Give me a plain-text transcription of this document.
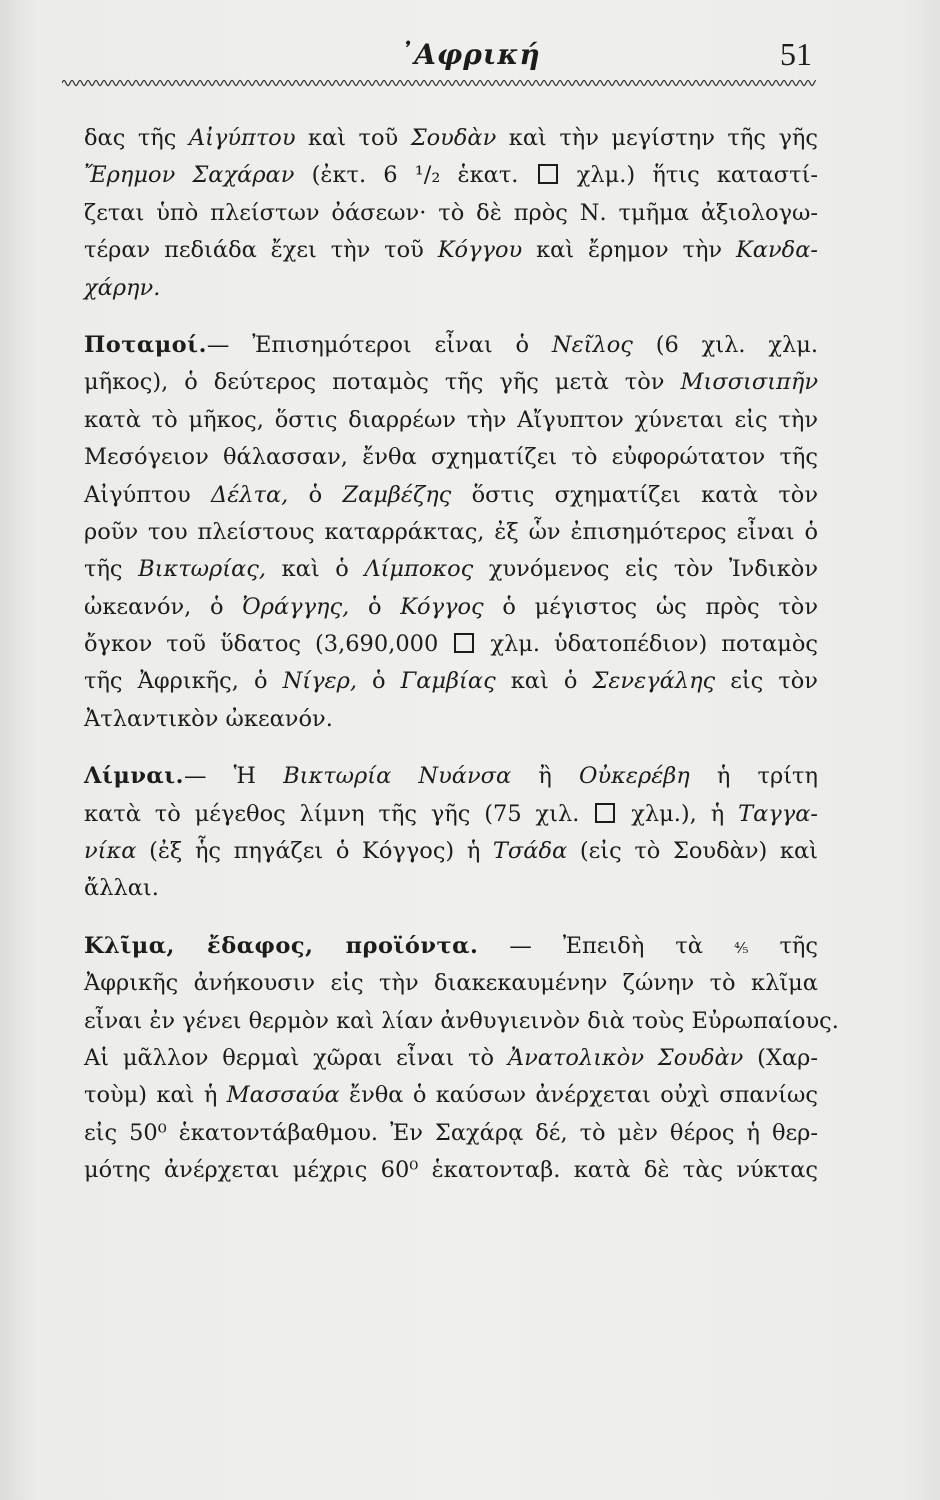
᾿Αφρική	51
δας τῆς Αἰγύπτου καὶ τοῦ Σουδὰν καὶ τὴν μεγίστην τῆς γῆς
Ἔρημον Σαχάραν (ἐκτ. 6 ¹/₂ ἑκατ.  χλμ.) ἥτις καταστί-
ζεται ὑπὸ πλείστων ὀάσεων· τὸ δὲ πρὸς Ν. τμῆμα ἀξιολογω-
τέραν πεδιάδα ἔχει τὴν τοῦ Κόγγου καὶ ἔρημον τὴν Κανδα-
χάρην.
Ποταμοί.— Ἐπισημότεροι εἶναι ὁ Νεῖλος (6 χιλ. χλμ.
μῆκος), ὁ δεύτερος ποταμὸς τῆς γῆς μετὰ τὸν Μισσισιπῆν
κατὰ τὸ μῆκος, ὅστις διαρρέων τὴν Αἴγυπτον χύνεται εἰς τὴν
Μεσόγειον θάλασσαν, ἔνθα σχηματίζει τὸ εὐφορώτατον τῆς
Αἰγύπτου Δέλτα, ὁ Ζαμβέζης ὅστις σχηματίζει κατὰ τὸν
ροῦν του πλείστους καταρράκτας, ἐξ ὧν ἐπισημότερος εἶναι ὁ
τῆς Βικτωρίας, καὶ ὁ Λίμποκος χυνόμενος εἰς τὸν Ἰνδικὸν
ὠκεανόν, ὁ Ὀράγγης, ὁ Κόγγος ὁ μέγιστος ὡς πρὸς τὸν
ὄγκον τοῦ ὕδατος (3,690,000  χλμ. ὑδατοπέδιον) ποταμὸς
τῆς Ἀφρικῆς, ὁ Νίγερ, ὁ Γαμβίας καὶ ὁ Σενεγάλης εἰς τὸν
Ἀτλαντικὸν ὠκεανόν.
Λίμναι.— Ἡ Βικτωρία Νυάνσα ἢ Οὐκερέβη ἡ τρίτη
κατὰ τὸ μέγεθος λίμνη τῆς γῆς (75 χιλ.  χλμ.), ἡ Ταγγα-
νίκα (ἐξ ἧς πηγάζει ὁ Κόγγος) ἡ Τσάδα (εἰς τὸ Σουδὰν) καὶ
ἄλλαι.
Κλῖμα, ἔδαφος, προϊόντα. — Ἐπειδὴ τὰ ⁴⁄₅ τῆς
Ἀφρικῆς ἀνήκουσιν εἰς τὴν διακεκαυμένην ζώνην τὸ κλῖμα
εἶναι ἐν γένει θερμὸν καὶ λίαν ἀνθυγιεινὸν διὰ τοὺς Εὐρωπαίους.
Αἱ μᾶλλον θερμαὶ χῶραι εἶναι τὸ Ἀνατολικὸν Σουδὰν (Χαρ-
τοὺμ) καὶ ἡ Μασσαύα ἔνθα ὁ καύσων ἀνέρχεται οὐχὶ σπανίως
εἰς 50⁰ ἑκατοντάβαθμου. Ἐν Σαχάρᾳ δέ, τὸ μὲν θέρος ἡ θερ-
μότης ἀνέρχεται μέχρις 60⁰ ἑκατονταβ. κατὰ δὲ τὰς νύκτας
